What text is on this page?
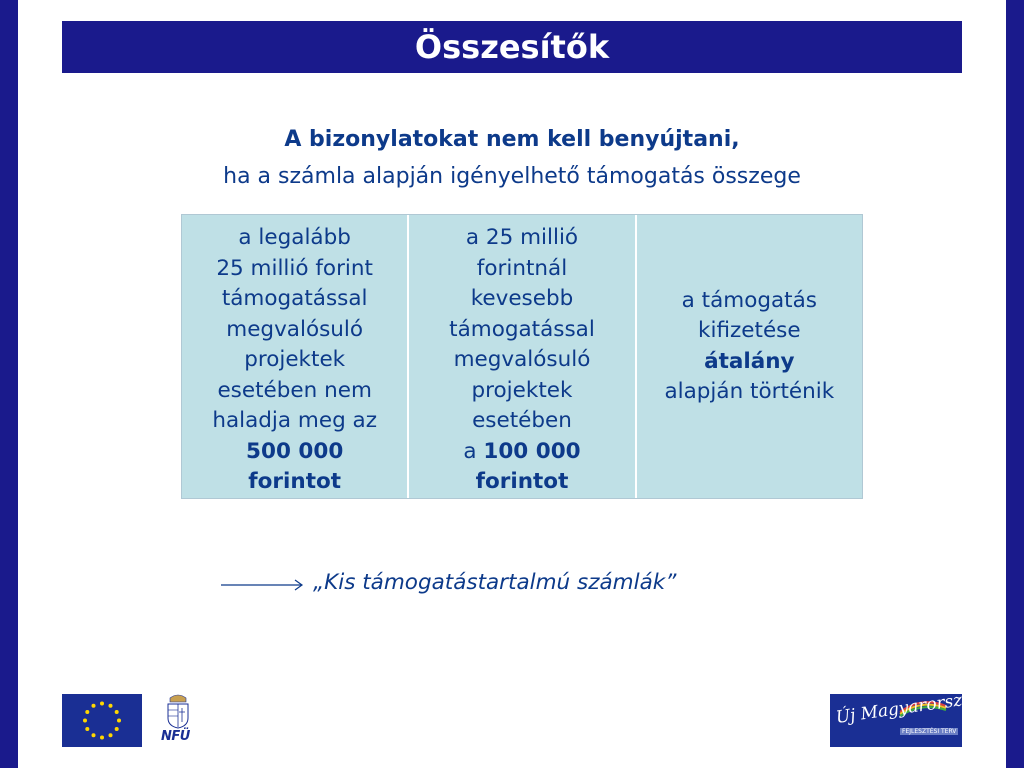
Összesítők
A bizonylatokat nem kell benyújtani,
ha a számla alapján igényelhető támogatás összege
a legalább
25 millió forint
támogatással
megvalósuló
projektek
esetében nem
haladja meg az
500 000
forintot
a 25 millió
forintnál
kevesebb
támogatással
megvalósuló
projektek
esetében
a 100 000
forintot
a támogatás
kifizetése
átalány
alapján történik
„Kis támogatástartalmú számlák”
NFÜ
Új Magyarország
FEJLESZTÉSI TERV
